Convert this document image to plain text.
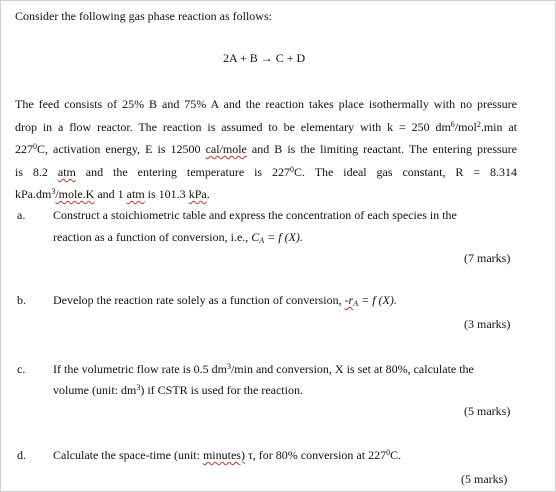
Consider the following gas phase reaction as follows:
2A + B → C + D
The feed consists of 25% B and 75% A and the reaction takes place isothermally with no pressure
drop in a flow reactor. The reaction is assumed to be elementary with k = 250 $dm^6/mol^2.\min$ at
$227^0C$, activation energy, E is 12500 cal/mole and B is the limiting reactant. The entering pressure
is 8.2 atm and the entering temperature is $227^0C$. The ideal gas constant, R = 8.314
$kPa.dm^3/mole.K$ and 1 atm is 101.3 kPa.
a. Construct a stoichiometric table and express the concentration of each species in the
reaction as a function of conversion, i.e., $C_A = f$ (X).
(7 marks)
b. Develop the reaction rate solely as a function of conversion, $-r_A = f$ (X).
(3 marks)
c. If the volumetric flow rate is 0.5 $dm^3/\min$ and conversion, X is set at 80%, calculate the
volume (unit: $dm^3$) if CSTR is used for the reaction.
(5 marks)
d. Calculate the space-time (unit: minutes) τ, for 80% conversion at $227^0C$.
(5 marks)
